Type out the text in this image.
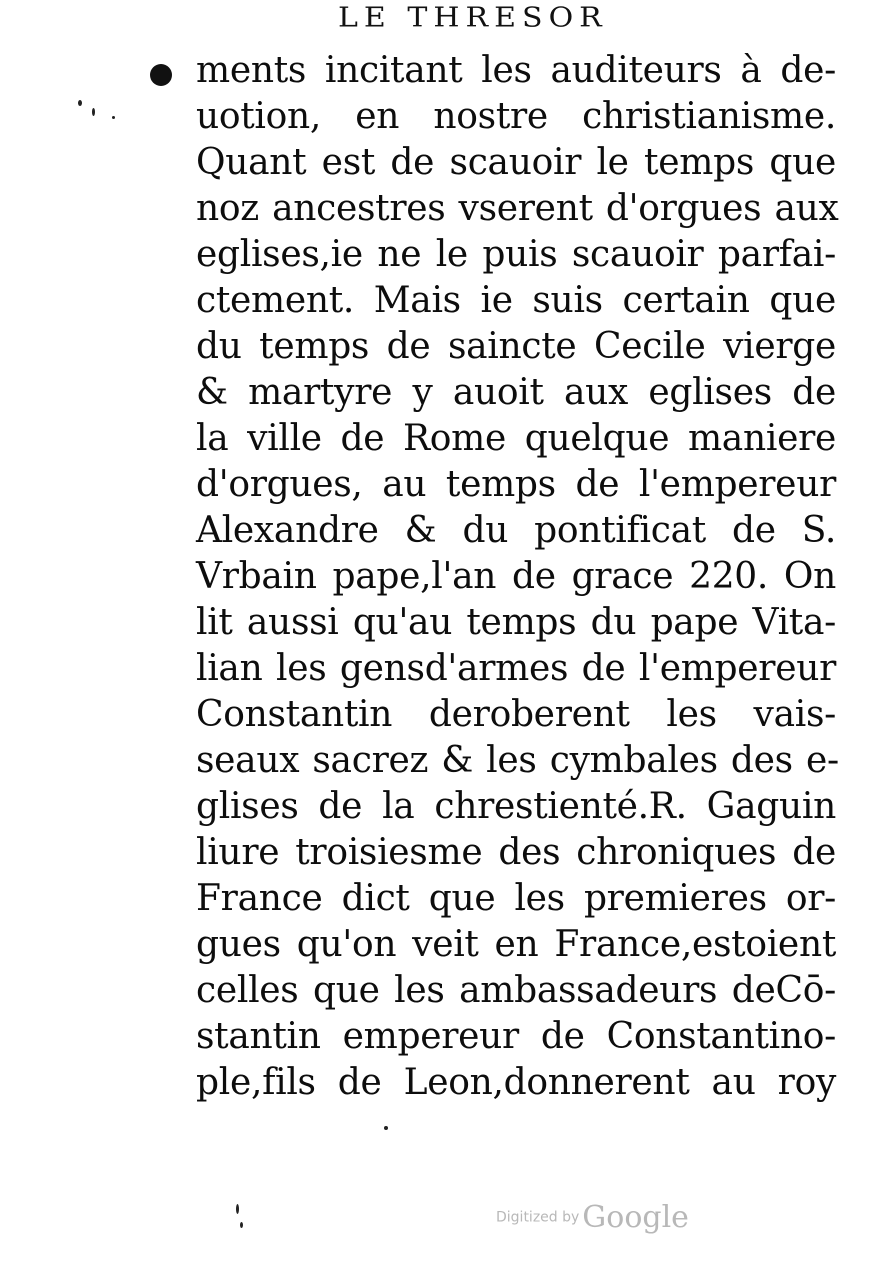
LE THRESOR
ments incitant les auditeurs à de-
uotion, en nostre christianisme.
Quant est de scauoir le temps que
noz ancestres vserent d'orgues aux
eglises,ie ne le puis scauoir parfai-
ctement. Mais ie suis certain que
du temps de saincte Cecile vierge
& martyre y auoit aux eglises de
la ville de Rome quelque maniere
d'orgues, au temps de l'empereur
Alexandre & du pontificat de S.
Vrbain pape,l'an de grace 220. On
lit aussi qu'au temps du pape Vita-
lian les gensd'armes de l'empereur
Constantin deroberent les vais-
seaux sacrez & les cymbales des e-
glises de la chrestienté.R. Gaguin
liure troisiesme des chroniques de
France dict que les premieres or-
gues qu'on veit en France,estoient
celles que les ambassadeurs deCō-
stantin empereur de Constantino-
ple,fils de Leon,donnerent au roy
Digitized by Google
